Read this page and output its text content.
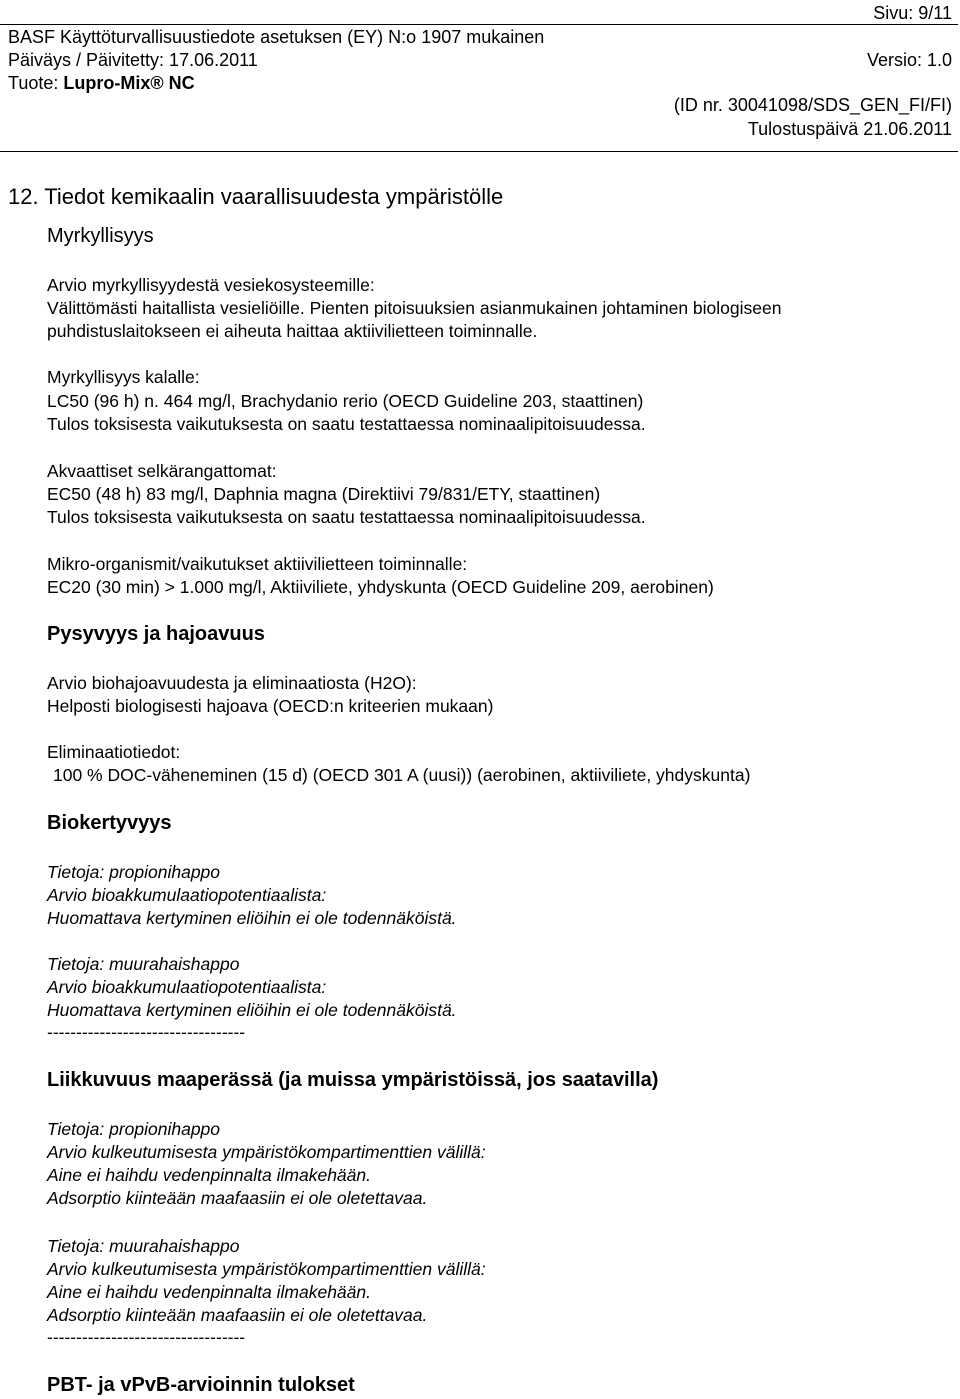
Sivu: 9/11
BASF Käyttöturvallisuustiedote asetuksen (EY) N:o 1907 mukainen
Päiväys / Päivitetty: 17.06.2011	Versio: 1.0
Tuote: Lupro-Mix® NC
(ID nr. 30041098/SDS_GEN_FI/FI)
Tulostuspäivä 21.06.2011
12. Tiedot kemikaalin vaarallisuudesta ympäristölle
Myrkyllisyys
Arvio myrkyllisyydestä vesiekosysteemille:
Välittömästi haitallista vesieliöille. Pienten pitoisuuksien asianmukainen johtaminen biologiseen
puhdistuslaitokseen ei aiheuta haittaa aktiivilietteen toiminnalle.
Myrkyllisyys kalalle:
LC50 (96 h) n. 464 mg/l, Brachydanio rerio (OECD Guideline 203, staattinen)
Tulos toksisesta vaikutuksesta on saatu testattaessa nominaalipitoisuudessa.
Akvaattiset selkärangattomat:
EC50 (48 h) 83 mg/l, Daphnia magna (Direktiivi 79/831/ETY, staattinen)
Tulos toksisesta vaikutuksesta on saatu testattaessa nominaalipitoisuudessa.
Mikro-organismit/vaikutukset aktiivilietteen toiminnalle:
EC20 (30 min) > 1.000 mg/l, Aktiiviliete, yhdyskunta (OECD Guideline 209, aerobinen)
Pysyvyys ja hajoavuus
Arvio biohajoavuudesta ja eliminaatiosta (H2O):
Helposti biologisesti hajoava (OECD:n kriteerien mukaan)
Eliminaatiotiedot:
100 % DOC-väheneminen (15 d) (OECD 301 A (uusi)) (aerobinen, aktiiviliete, yhdyskunta)
Biokertyvyys
Tietoja: propionihappo
Arvio bioakkumulaatiopotentiaalista:
Huomattava kertyminen eliöihin ei ole todennäköistä.
Tietoja: muurahaishappo
Arvio bioakkumulaatiopotentiaalista:
Huomattava kertyminen eliöihin ei ole todennäköistä.
----------------------------------
Liikkuvuus maaperässä (ja muissa ympäristöissä, jos saatavilla)
Tietoja: propionihappo
Arvio kulkeutumisesta ympäristökompartimenttien välillä:
Aine ei haihdu vedenpinnalta ilmakehään.
Adsorptio kiinteään maafaasiin ei ole oletettavaa.
Tietoja: muurahaishappo
Arvio kulkeutumisesta ympäristökompartimenttien välillä:
Aine ei haihdu vedenpinnalta ilmakehään.
Adsorptio kiinteään maafaasiin ei ole oletettavaa.
----------------------------------
PBT- ja vPvB-arvioinnin tulokset
